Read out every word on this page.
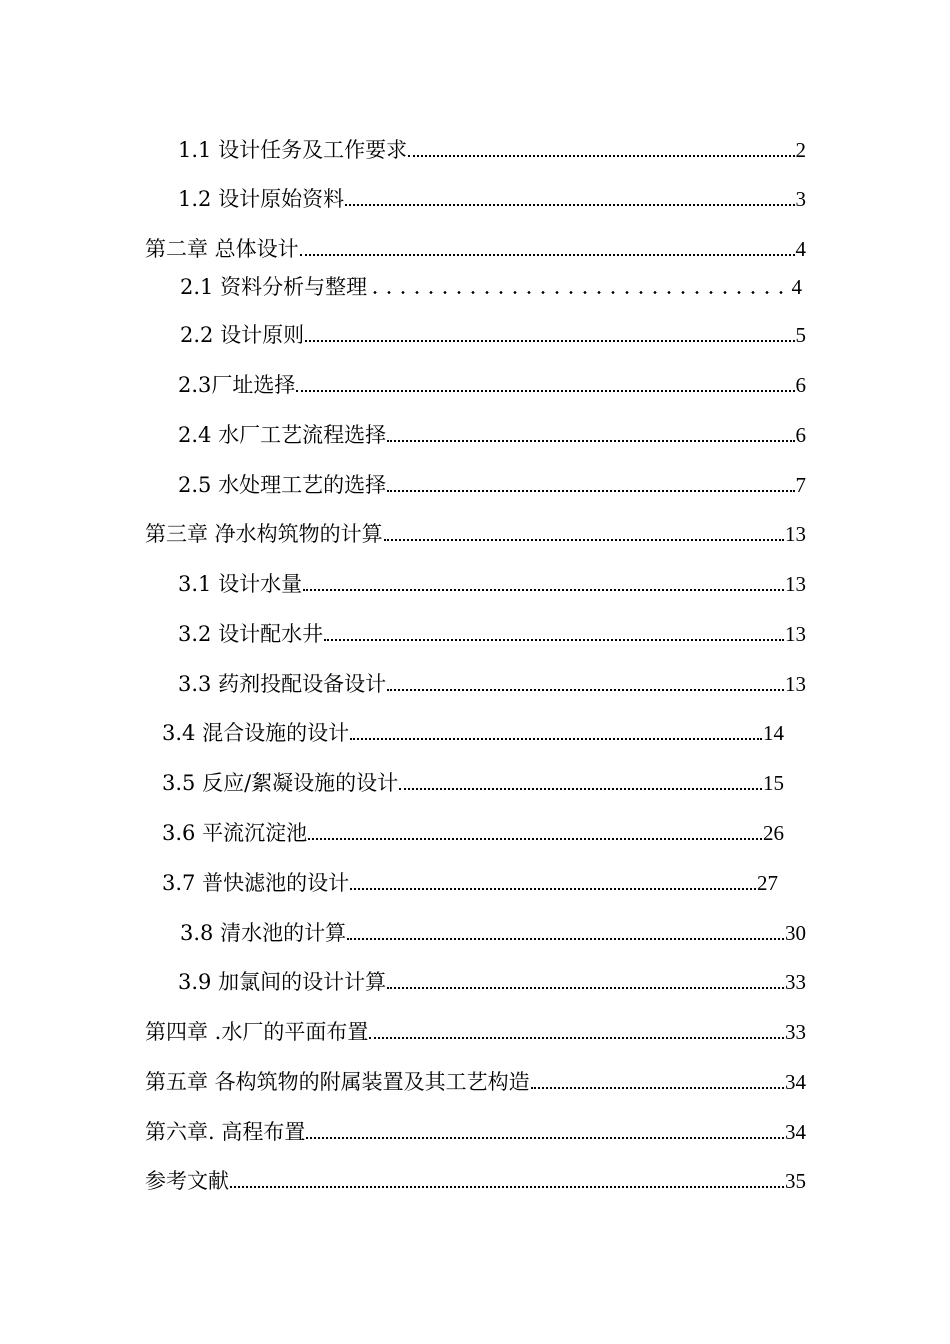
1.1 设计任务及工作要求	2
1.2 设计原始资料	3
第二章 总体设计	4
2.1 资料分析与整理	4
2.2 设计原则	5
2.3厂址选择	6
2.4 水厂工艺流程选择	6
2.5 水处理工艺的选择	7
第三章 净水构筑物的计算	13
3.1 设计水量	13
3.2 设计配水井	13
3.3 药剂投配设备设计	13
3.4 混合设施的设计	14
3.5 反应/絮凝设施的设计	15
3.6 平流沉淀池	26
3.7 普快滤池的设计	27
3.8 清水池的计算	30
3.9 加氯间的设计计算	33
第四章 .水厂的平面布置	33
第五章 各构筑物的附属装置及其工艺构造	34
第六章. 高程布置	34
参考文献	35
